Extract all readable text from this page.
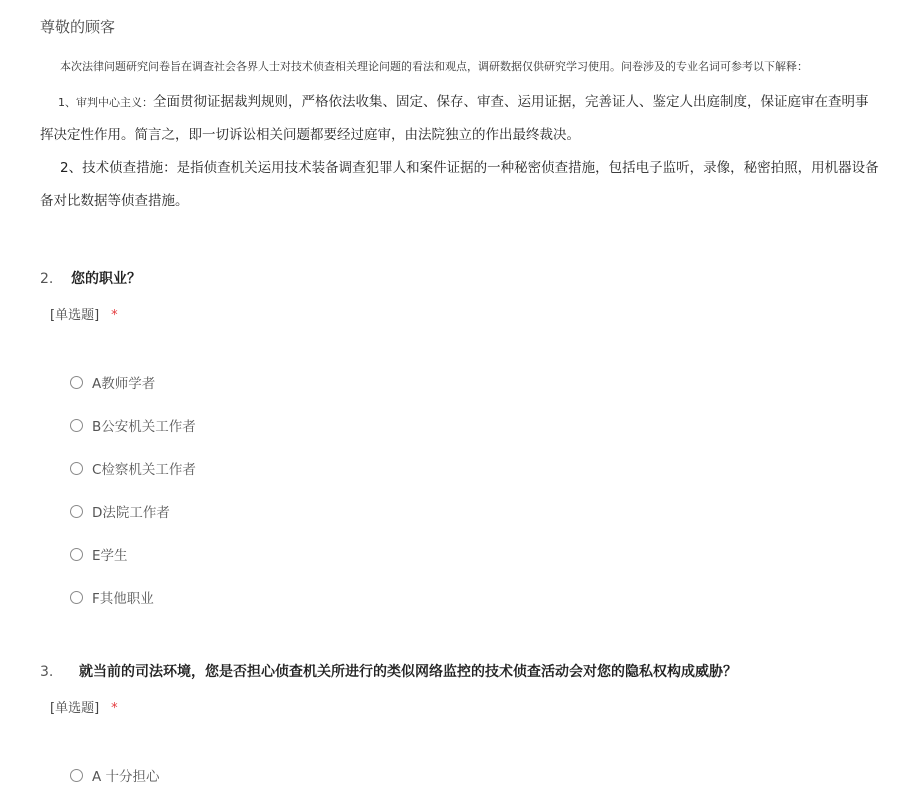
尊敬的顾客
本次法律问题研究问卷旨在调查社会各界人士对技术侦查相关理论问题的看法和观点，调研数据仅供研究学习使用。问卷涉及的专业名词可参考以下解释：
1、审判中心主义：全面贯彻证据裁判规则，严格依法收集、固定、保存、审查、运用证据，完善证人、鉴定人出庭制度，保证庭审在查明事
挥决定性作用。简言之，即一切诉讼相关问题都要经过庭审，由法院独立的作出最终裁决。
2、技术侦查措施：是指侦查机关运用技术装备调查犯罪人和案件证据的一种秘密侦查措施，包括电子监听，录像，秘密拍照，用机器设备
备对比数据等侦查措施。
2. 您的职业？
[单选题] *
A教师学者
B公安机关工作者
C检察机关工作者
D法院工作者
E学生
F其他职业
3. 就当前的司法环境，您是否担心侦查机关所进行的类似网络监控的技术侦查活动会对您的隐私权构成威胁？
[单选题] *
A 十分担心
